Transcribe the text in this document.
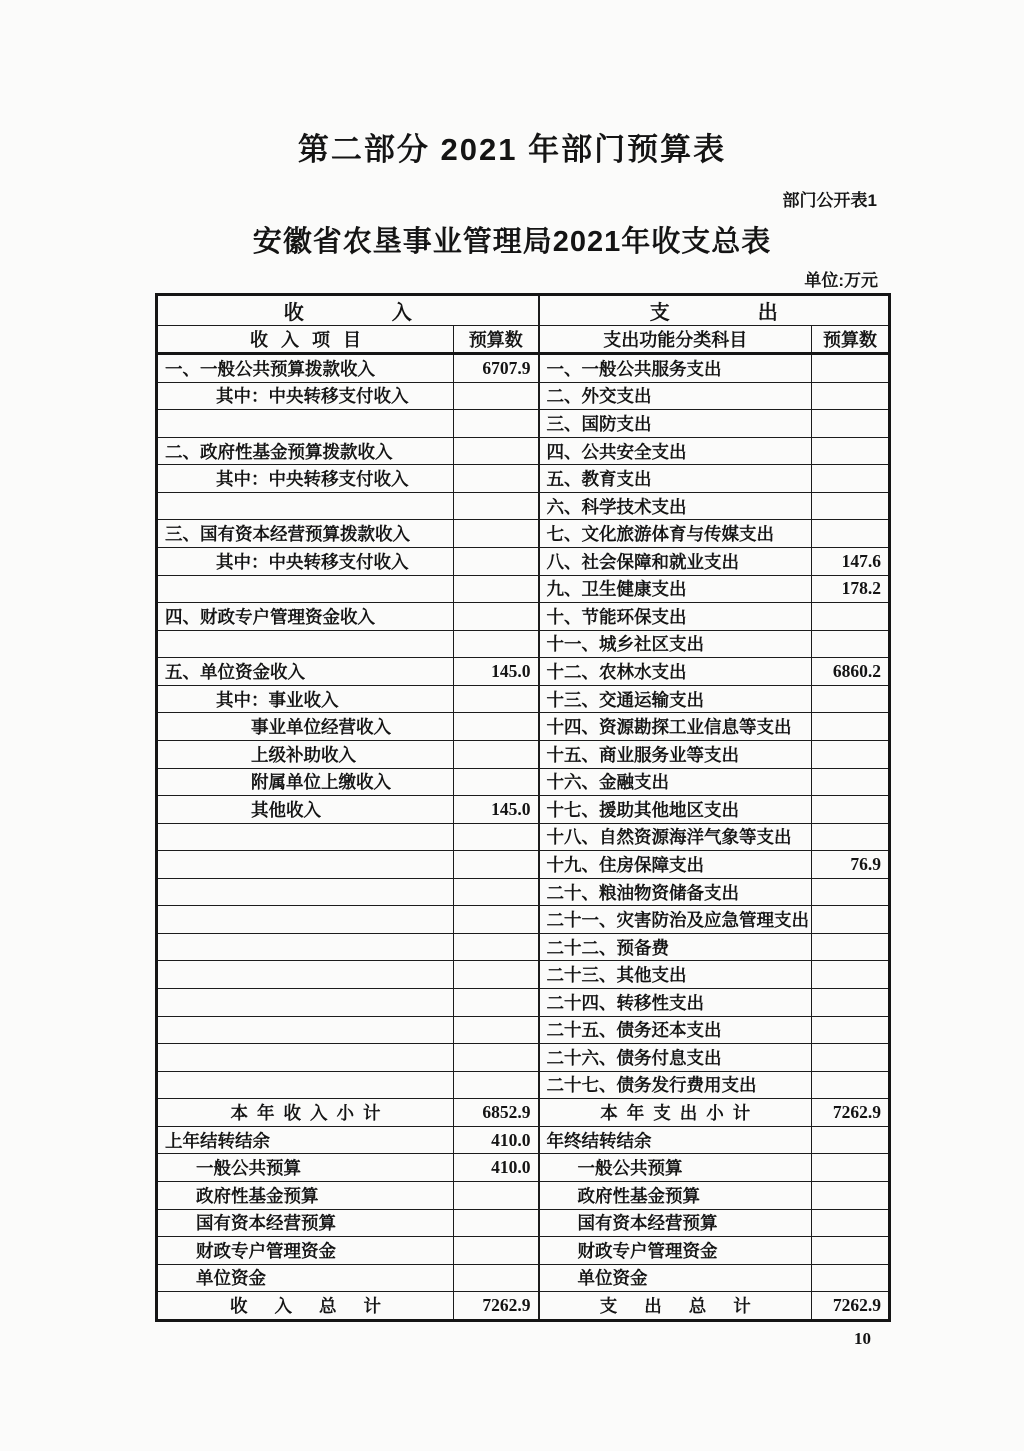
第二部分 2021 年部门预算表
部门公开表1
安徽省农垦事业管理局2021年收支总表
单位:万元
收入		支出	
收入项目	预算数	支出功能分类科目	预算数
一、一般公共预算拨款收入	6707.9	一、一般公共服务支出	
其中：中央转移支付收入		二、外交支出	
		三、国防支出	
二、政府性基金预算拨款收入		四、公共安全支出	
其中：中央转移支付收入		五、教育支出	
		六、科学技术支出	
三、国有资本经营预算拨款收入		七、文化旅游体育与传媒支出	
其中：中央转移支付收入		八、社会保障和就业支出	147.6
		九、卫生健康支出	178.2
四、财政专户管理资金收入		十、节能环保支出	
		十一、城乡社区支出	
五、单位资金收入	145.0	十二、农林水支出	6860.2
其中：事业收入		十三、交通运输支出	
事业单位经营收入		十四、资源勘探工业信息等支出	
上级补助收入		十五、商业服务业等支出	
附属单位上缴收入		十六、金融支出	
其他收入	145.0	十七、援助其他地区支出	
		十八、自然资源海洋气象等支出	
		十九、住房保障支出	76.9
		二十、粮油物资储备支出	
		二十一、灾害防治及应急管理支出	
		二十二、预备费	
		二十三、其他支出	
		二十四、转移性支出	
		二十五、债务还本支出	
		二十六、债务付息支出	
		二十七、债务发行费用支出	
本年收入小计	6852.9	本年支出小计	7262.9
上年结转结余	410.0	年终结转结余	
一般公共预算	410.0	一般公共预算	
政府性基金预算		政府性基金预算	
国有资本经营预算		国有资本经营预算	
财政专户管理资金		财政专户管理资金	
单位资金		单位资金	
收入总计	7262.9	支出总计	7262.9
10
